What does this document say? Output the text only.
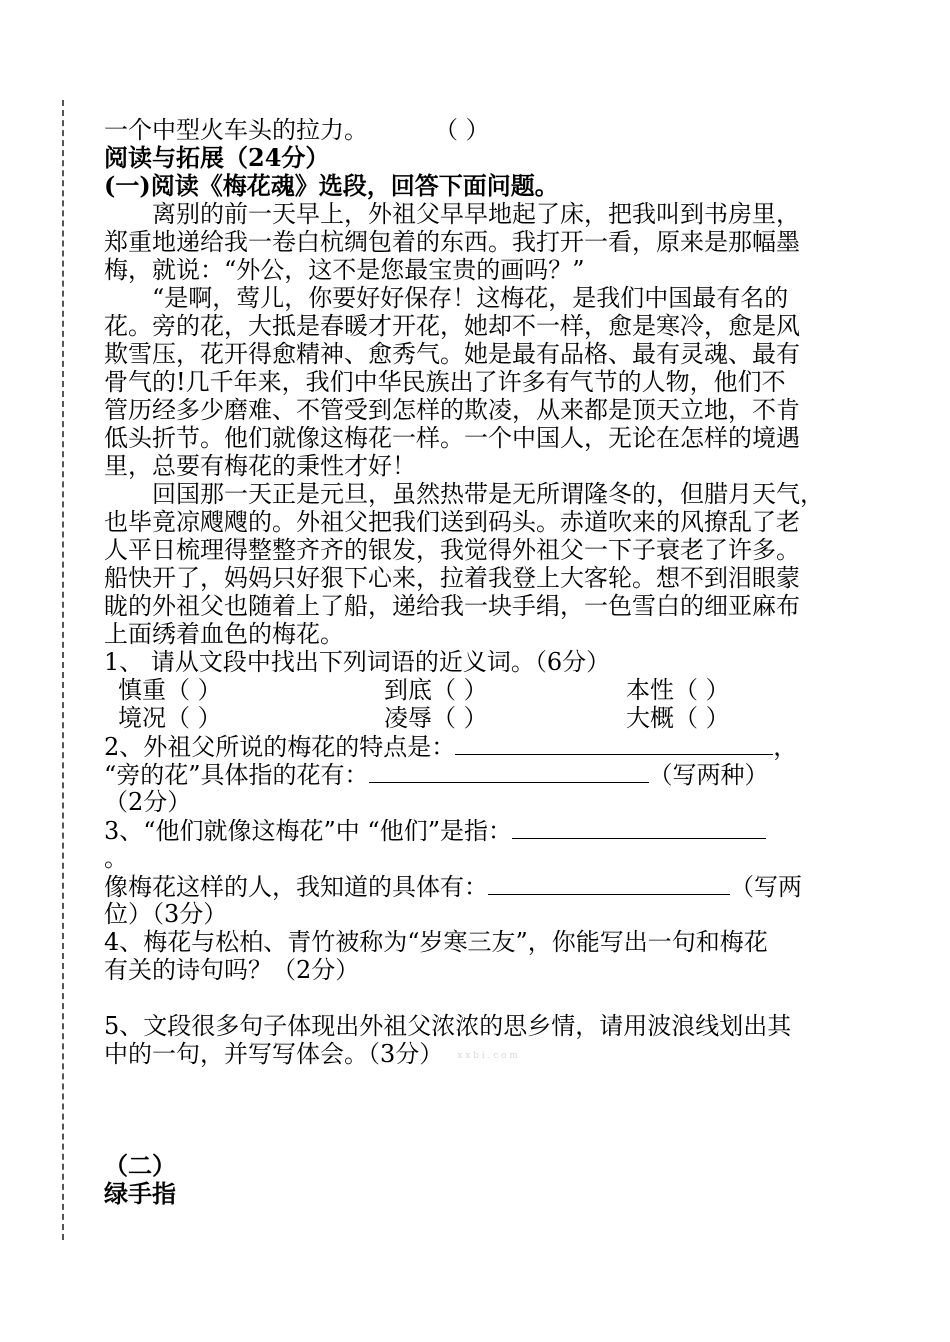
一个中型火车头的拉力。	（ ）
阅读与拓展（24分）
(一)阅读《梅花魂》选段，回答下面问题。
离别的前一天早上，外祖父早早地起了床，把我叫到书房里，
郑重地递给我一卷白杭绸包着的东西。我打开一看，原来是那幅墨
梅，就说：“外公，这不是您最宝贵的画吗？”
“是啊，莺儿，你要好好保存！这梅花，是我们中国最有名的
花。旁的花，大抵是春暖才开花，她却不一样，愈是寒冷，愈是风
欺雪压，花开得愈精神、愈秀气。她是最有品格、最有灵魂、最有
骨气的!几千年来，我们中华民族出了许多有气节的人物，他们不
管历经多少磨难、不管受到怎样的欺凌，从来都是顶天立地，不肯
低头折节。他们就像这梅花一样。一个中国人，无论在怎样的境遇
里，总要有梅花的秉性才好！
回国那一天正是元旦，虽然热带是无所谓隆冬的，但腊月天气，
也毕竟凉飕飕的。外祖父把我们送到码头。赤道吹来的风撩乱了老
人平日梳理得整整齐齐的银发，我觉得外祖父一下子衰老了许多。
船快开了，妈妈只好狠下心来，拉着我登上大客轮。想不到泪眼蒙
眬的外祖父也随着上了船，递给我一块手绢，一色雪白的细亚麻布
上面绣着血色的梅花。
1、 请从文段中找出下列词语的近义词。（6分）
慎重（ ）	到底（ ）	本性（ ）
境况（ ）	凌辱（ ）	大概（ ）
2、外祖父所说的梅花的特点是：	，
“旁的花”具体指的花有：	（写两种）
（2分）
3、“他们就像这梅花”中 “他们”是指：
。
像梅花这样的人，我知道的具体有：	（写两
位）（3分）
4、梅花与松柏、青竹被称为“岁寒三友”，你能写出一句和梅花
有关的诗句吗？（2分）
5、文段很多句子体现出外祖父浓浓的思乡情，请用波浪线划出其
中的一句，并写写体会。（3分） x x b i . c o m
（二）
绿手指
